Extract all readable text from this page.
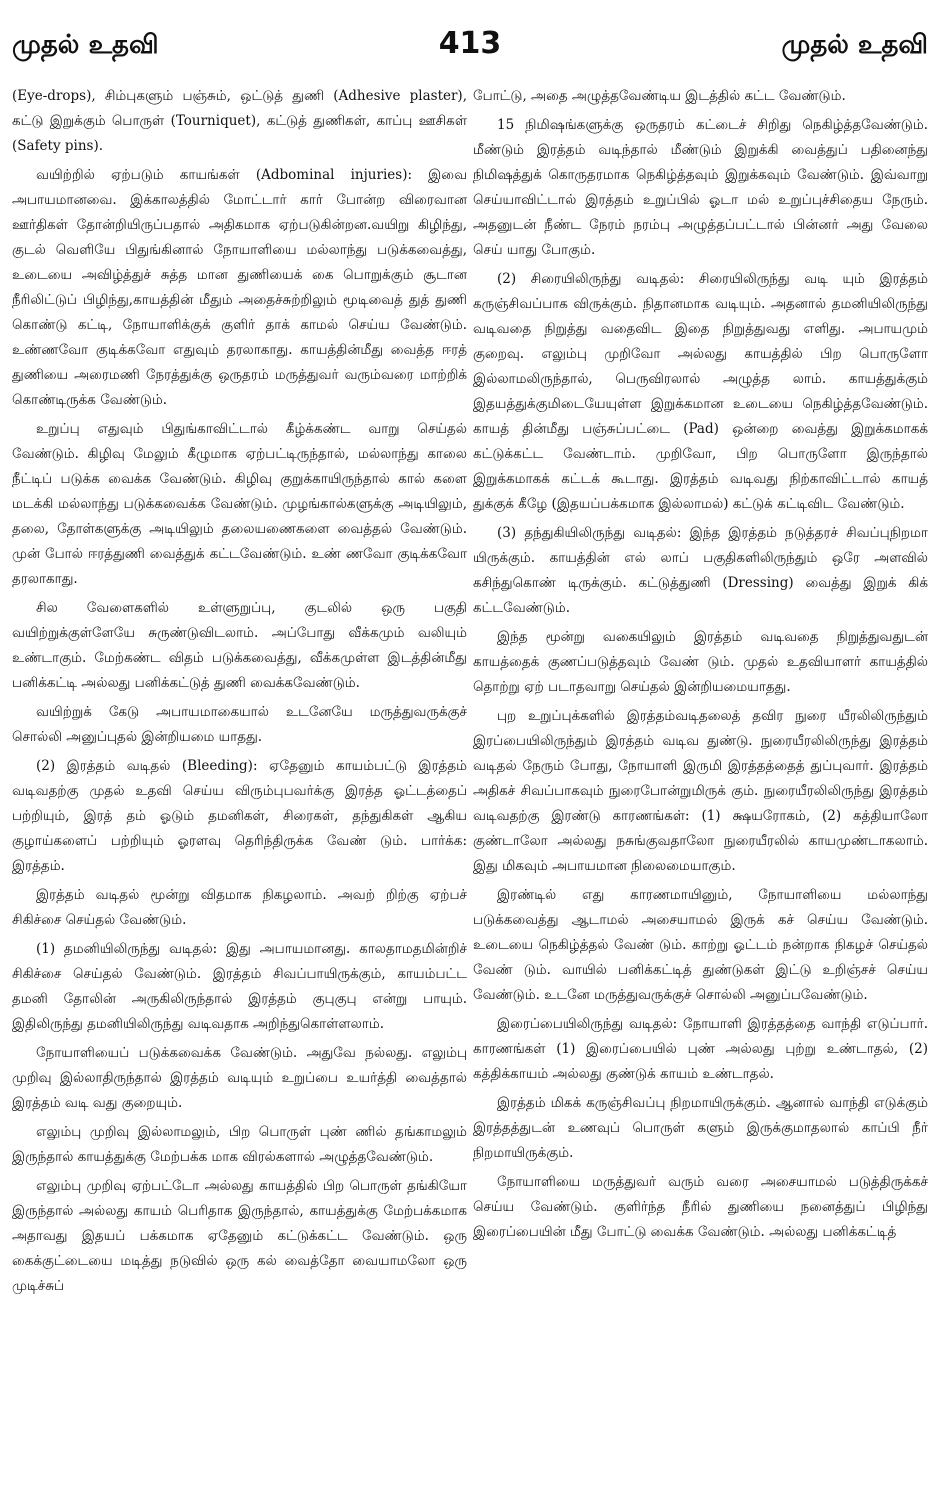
முதல் உதவி	413	முதல் உதவி

(Eye-drops), சிம்புகளும் பஞ்சும், ஒட்டுத் துணி (Adhesive plaster), கட்டு இறுக்கும் பொருள் (Tourniquet), கட்டுத் துணிகள், காப்பு ஊசிகள் (Safety pins).

வயிற்றில் ஏற்படும் காயங்கள் (Adbominal injuries): இவை அபாயமானவை. இக்காலத்தில் மோட்டார் கார் போன்ற விரைவான ஊர்திகள் தோன்றியிருப்பதால் அதிகமாக ஏற்படுகின்றன.வயிறு கிழிந்து, குடல் வெளியே பிதுங்கினால் நோயாளியை மல்லாந்து படுக்கவைத்து, உடையை அவிழ்த்துச் சுத்த மான துணியைக் கை பொறுக்கும் சூடான நீரிலிட்டுப் பிழிந்து,காயத்தின் மீதும் அதைச்சுற்றிலும் மூடிவைத் துத் துணி கொண்டு கட்டி, நோயாளிக்குக் குளிர் தாக் காமல் செய்ய வேண்டும். உண்ணவோ குடிக்கவோ எதுவும் தரலாகாது. காயத்தின்மீது வைத்த ஈரத் துணியை அரைமணி நேரத்துக்கு ஒருதரம் மருத்துவர் வரும்வரை மாற்றிக் கொண்டிருக்க வேண்டும்.

உறுப்பு எதுவும் பிதுங்காவிட்டால் கீழ்க்கண்ட வாறு செய்தல் வேண்டும். கிழிவு மேலும் கீழுமாக ஏற்பட்டிருந்தால், மல்லாந்து காலை நீட்டிப் படுக்க வைக்க வேண்டும். கிழிவு குறுக்காயிருந்தால் கால் களை மடக்கி மல்லாந்து படுக்கவைக்க வேண்டும். முழங்கால்களுக்கு அடியிலும், தலை, தோள்களுக்கு அடியிலும் தலையணைகளை வைத்தல் வேண்டும். முன் போல் ஈரத்துணி வைத்துக் கட்டவேண்டும். உண் ணவோ குடிக்கவோ தரலாகாது.

சில வேளைகளில் உள்ளுறுப்பு, குடலில் ஒரு பகுதி வயிற்றுக்குள்ளேயே சுருண்டுவிடலாம். அப்போது வீக்கமும் வலியும் உண்டாகும். மேற்கண்ட விதம் படுக்கவைத்து, வீக்கமுள்ள இடத்தின்மீது பனிக்கட்டி அல்லது பனிக்கட்டுத் துணி வைக்கவேண்டும்.

வயிற்றுக் கேடு அபாயமாகையால் உடனேயே மருத்துவருக்குச் சொல்லி அனுப்புதல் இன்றியமை யாதது.

(2) இரத்தம் வடிதல் (Bleeding): ஏதேனும் காயம்பட்டு இரத்தம் வடிவதற்கு முதல் உதவி செய்ய விரும்புபவர்க்கு இரத்த ஓட்டத்தைப் பற்றியும், இரத் தம் ஓடும் தமனிகள், சிரைகள், தந்துகிகள் ஆகிய குழாய்களைப் பற்றியும் ஓரளவு தெரிந்திருக்க வேண் டும். பார்க்க: இரத்தம்.

இரத்தம் வடிதல் மூன்று விதமாக நிகழலாம். அவற் றிற்கு ஏற்பச் சிகிச்சை செய்தல் வேண்டும்.

(1) தமனியிலிருந்து வடிதல்: இது அபாயமானது. காலதாமதமின்றிச் சிகிச்சை செய்தல் வேண்டும். இரத்தம் சிவப்பாயிருக்கும், காயம்பட்ட தமனி தோலின் அருகிலிருந்தால் இரத்தம் குபுகுபு என்று பாயும். இதிலிருந்து தமனியிலிருந்து வடிவதாக அறிந்துகொள்ளலாம்.

நோயாளியைப் படுக்கவைக்க வேண்டும். அதுவே நல்லது. எலும்பு முறிவு இல்லாதிருந்தால் இரத்தம் வடியும் உறுப்பை உயர்த்தி வைத்தால் இரத்தம் வடி வது குறையும்.

எலும்பு முறிவு இல்லாமலும், பிற பொருள் புண் ணில் தங்காமலும் இருந்தால் காயத்துக்கு மேற்பக்க மாக விரல்களால் அழுத்தவேண்டும்.

எலும்பு முறிவு ஏற்பட்டோ அல்லது காயத்தில் பிற பொருள் தங்கியோ இருந்தால் அல்லது காயம் பெரிதாக இருந்தால், காயத்துக்கு மேற்பக்கமாக அதாவது இதயப் பக்கமாக ஏதேனும் கட்டுக்கட்ட வேண்டும். ஒரு கைக்குட்டையை மடித்து நடுவில் ஒரு கல் வைத்தோ வையாமலோ ஒரு முடிச்சுப்

போட்டு, அதை அழுத்தவேண்டிய இடத்தில் கட்ட வேண்டும்.

15 நிமிஷங்களுக்கு ஒருதரம் கட்டைச் சிறிது நெகிழ்த்தவேண்டும். மீண்டும் இரத்தம் வடிந்தால் மீண்டும் இறுக்கி வைத்துப் பதினைந்து நிமிஷத்துக் கொருதரமாக நெகிழ்த்தவும் இறுக்கவும் வேண்டும். இவ்வாறு செய்யாவிட்டால் இரத்தம் உறுப்பில் ஓடா மல் உறுப்புச்சிதைய நேரும். அதனுடன் நீண்ட நேரம் நரம்பு அழுத்தப்பட்டால் பின்னர் அது வேலை செய் யாது போகும்.

(2) சிரையிலிருந்து வடிதல்: சிரையிலிருந்து வடி யும் இரத்தம் கருஞ்சிவப்பாக விருக்கும். நிதானமாக வடியும். அதனால் தமனியிலிருந்து வடிவதை நிறுத்து வதைவிட இதை நிறுத்துவது எளிது. அபாயமும் குறைவு. எலும்பு முறிவோ அல்லது காயத்தில் பிற பொருளோ இல்லாமலிருந்தால், பெருவிரலால் அழுத்த லாம். காயத்துக்கும் இதயத்துக்குமிடையேயுள்ள இறுக்கமான உடையை நெகிழ்த்தவேண்டும். காயத் தின்மீது பஞ்சுப்பட்டை (Pad) ஒன்றை வைத்து இறுக்கமாகக் கட்டுக்கட்ட வேண்டாம். முறிவோ, பிற பொருளோ இருந்தால் இறுக்கமாகக் கட்டக் கூடாது. இரத்தம் வடிவது நிற்காவிட்டால் காயத் துக்குக் கீழே (இதயப்பக்கமாக இல்லாமல்) கட்டுக் கட்டிவிட வேண்டும்.

(3) தந்துகியிலிருந்து வடிதல்: இந்த இரத்தம் நடுத்தரச் சிவப்புநிறமா யிருக்கும். காயத்தின் எல் லாப் பகுதிகளிலிருந்தும் ஒரே அளவில் கசிந்துகொண் டிருக்கும். கட்டுத்துணி (Dressing) வைத்து இறுக் கிக் கட்டவேண்டும்.

இந்த மூன்று வகையிலும் இரத்தம் வடிவதை நிறுத்துவதுடன் காயத்தைக் குணப்படுத்தவும் வேண் டும். முதல் உதவியாளர் காயத்தில் தொற்று ஏற் படாதவாறு செய்தல் இன்றியமையாதது.

புற உறுப்புக்களில் இரத்தம்வடிதலைத் தவிர நுரை யீரலிலிருந்தும் இரப்பையிலிருந்தும் இரத்தம் வடிவ துண்டு. நுரையீரலிலிருந்து இரத்தம் வடிதல் நேரும் போது, நோயாளி இருமி இரத்தத்தைத் துப்புவார். இரத்தம் அதிகச் சிவப்பாகவும் நுரைபோன்றுமிருக் கும். நுரையீரலிலிருந்து இரத்தம் வடிவதற்கு இரண்டு காரணங்கள்: (1) க்ஷயரோகம், (2) கத்தியாலோ குண்டாலோ அல்லது நசுங்குவதாலோ நுரையீரலில் காயமுண்டாகலாம். இது மிகவும் அபாயமான நிலைமையாகும்.

இரண்டில் எது காரணமாயினும், நோயாளியை மல்லாந்து படுக்கவைத்து ஆடாமல் அசையாமல் இருக் கச் செய்ய வேண்டும். உடையை நெகிழ்த்தல் வேண் டும். காற்று ஓட்டம் நன்றாக நிகழச் செய்தல் வேண் டும். வாயில் பனிக்கட்டித் துண்டுகள் இட்டு உறிஞ்சச் செய்ய வேண்டும். உடனே மருத்துவருக்குச் சொல்லி அனுப்பவேண்டும்.

இரைப்பையிலிருந்து வடிதல்: நோயாளி இரத்தத்தை வாந்தி எடுப்பார். காரணங்கள் (1) இரைப்பையில் புண் அல்லது புற்று உண்டாதல், (2) கத்திக்காயம் அல்லது குண்டுக் காயம் உண்டாதல்.

இரத்தம் மிகக் கருஞ்சிவப்பு நிறமாயிருக்கும். ஆனால் வாந்தி எடுக்கும் இரத்தத்துடன் உணவுப் பொருள் களும் இருக்குமாதலால் காப்பி நீர் நிறமாயிருக்கும்.

நோயாளியை மருத்துவர் வரும் வரை அசையாமல் படுத்திருக்கச் செய்ய வேண்டும். குளிர்ந்த நீரில் துணியை நனைத்துப் பிழிந்து இரைப்பையின் மீது போட்டு வைக்க வேண்டும். அல்லது பனிக்கட்டித்
